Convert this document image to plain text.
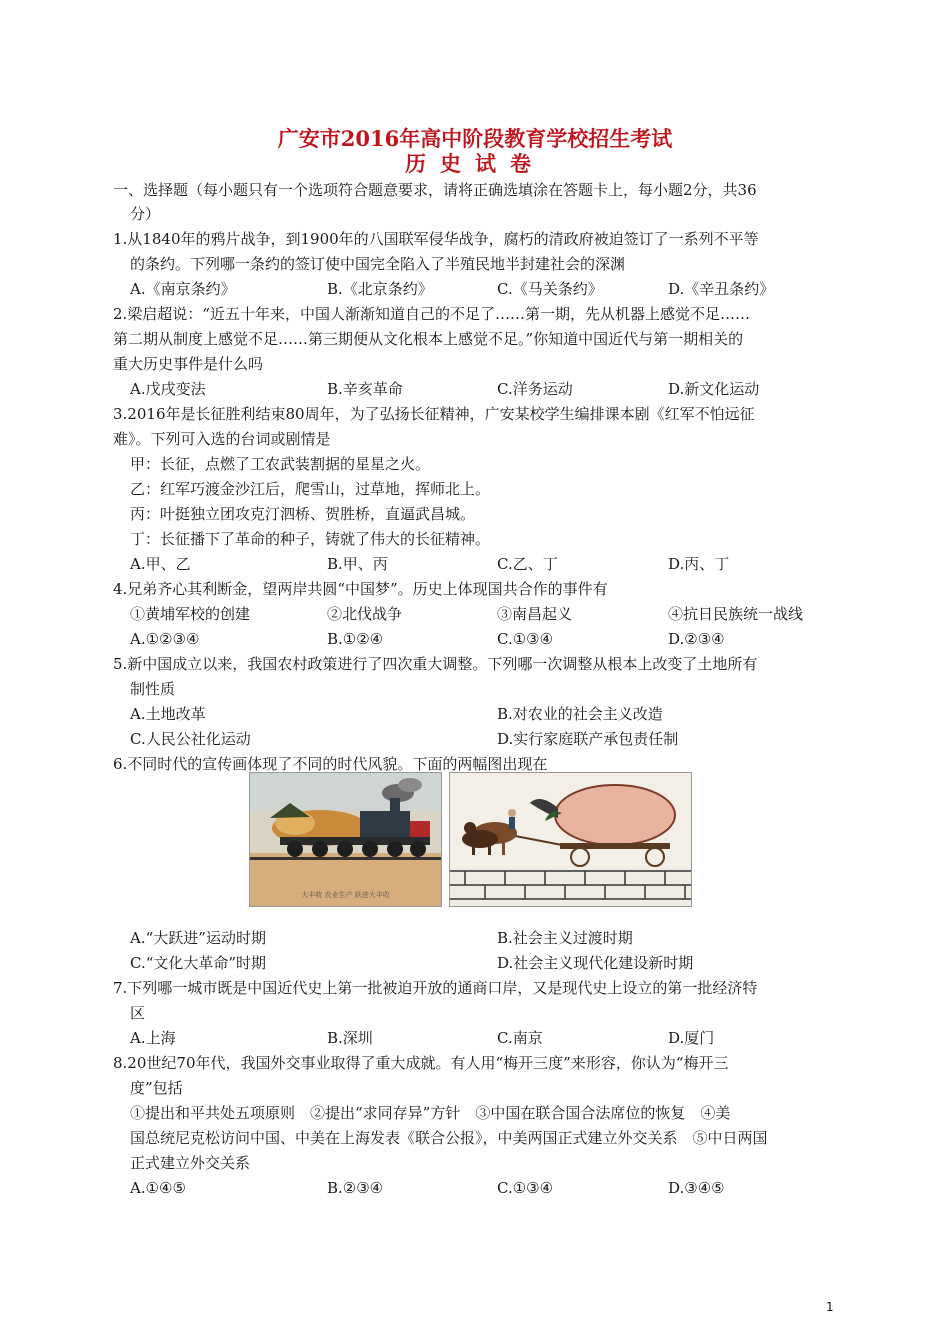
广安市2016年高中阶段教育学校招生考试
历史试卷
一、选择题（每小题只有一个选项符合题意要求，请将正确选填涂在答题卡上，每小题2分，共36
分）
1.从1840年的鸦片战争，到1900年的八国联军侵华战争，腐朽的清政府被迫签订了一系列不平等
的条约。下列哪一条约的签订使中国完全陷入了半殖民地半封建社会的深渊
A.《南京条约》	B.《北京条约》	C.《马关条约》	D.《辛丑条约》
2.梁启超说：“近五十年来，中国人渐渐知道自己的不足了……第一期，先从机器上感觉不足……
第二期从制度上感觉不足……第三期便从文化根本上感觉不足。”你知道中国近代与第一期相关的
重大历史事件是什么吗
A.戊戌变法	B.辛亥革命	C.洋务运动	D.新文化运动
3.2016年是长征胜利结束80周年，为了弘扬长征精神，广安某校学生编排课本剧《红军不怕远征
难》。下列可入选的台词或剧情是
甲：长征，点燃了工农武装割据的星星之火。
乙：红军巧渡金沙江后，爬雪山，过草地，挥师北上。
丙：叶挺独立团攻克汀泗桥、贺胜桥，直逼武昌城。
丁：长征播下了革命的种子，铸就了伟大的长征精神。
A.甲、乙	B.甲、丙	C.乙、丁	D.丙、丁
4.兄弟齐心其利断金，望两岸共圆“中国梦”。历史上体现国共合作的事件有
①黄埔军校的创建	②北伐战争	③南昌起义	④抗日民族统一战线
A.①②③④	B.①②④	C.①③④	D.②③④
5.新中国成立以来，我国农村政策进行了四次重大调整。下列哪一次调整从根本上改变了土地所有
制性质
A.土地改革	B.对农业的社会主义改造
C.人民公社化运动	D.实行家庭联产承包责任制
6.不同时代的宣传画体现了不同的时代风貌。下面的两幅图出现在
大丰收 农业生产 跃进大丰收
A.“大跃进”运动时期	B.社会主义过渡时期
C.“文化大革命”时期	D.社会主义现代化建设新时期
7.下列哪一城市既是中国近代史上第一批被迫开放的通商口岸，又是现代史上设立的第一批经济特
区
A.上海	B.深圳	C.南京	D.厦门
8.20世纪70年代，我国外交事业取得了重大成就。有人用“梅开三度”来形容，你认为“梅开三
度”包括
①提出和平共处五项原则　②提出“求同存异”方针　③中国在联合国合法席位的恢复　④美
国总统尼克松访问中国、中美在上海发表《联合公报》，中美两国正式建立外交关系　⑤中日两国
正式建立外交关系
A.①④⑤	B.②③④	C.①③④	D.③④⑤
1
